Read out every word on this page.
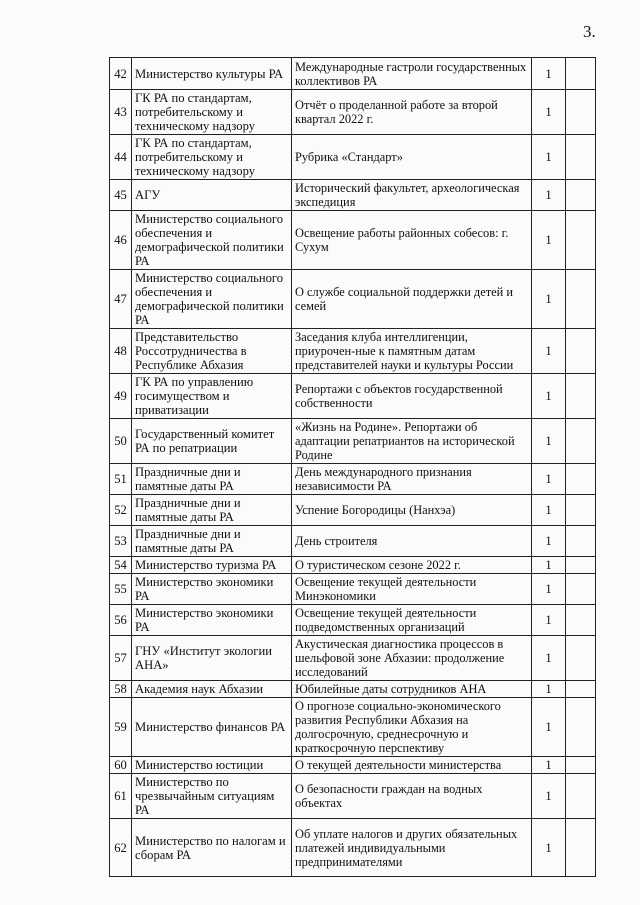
3.
42	Министерство культуры РА	Международные гастроли государственных коллективов РА	1	
43	ГК РА по стандартам, потребительскому и техническому надзору	Отчёт о проделанной работе за второй квартал 2022 г.	1	
44	ГК РА по стандартам, потребительскому и техническому надзору	Рубрика «Стандарт»	1	
45	АГУ	Исторический факультет, археологическая экспедиция	1	
46	Министерство социального обеспечения и демографической политики РА	Освещение работы районных собесов: г. Сухум	1	
47	Министерство социального обеспечения и демографической политики РА	О службе социальной поддержки детей и семей	1	
48	Представительство Россотрудничества в Республике Абхазия	Заседания клуба интеллигенции, приурочен-ные к памятным датам представителей науки и культуры России	1	
49	ГК РА по управлению госимуществом и приватизации	Репортажи с объектов государственной собственности	1	
50	Государственный комитет РА по репатриации	«Жизнь на Родине». Репортажи об адаптации репатриантов на исторической Родине	1	
51	Праздничные дни и памятные даты РА	День международного признания независимости РА	1	
52	Праздничные дни и памятные даты РА	Успение Богородицы (Нанхэа)	1	
53	Праздничные дни и памятные даты РА	День строителя	1	
54	Министерство туризма РА	О туристическом сезоне 2022 г.	1	
55	Министерство экономики РА	Освещение текущей деятельности Минэкономики	1	
56	Министерство экономики РА	Освещение текущей деятельности подведомственных организаций	1	
57	ГНУ «Институт экологии АНА»	Акустическая диагностика процессов в шельфовой зоне Абхазии: продолжение исследований	1	
58	Академия наук Абхазии	Юбилейные даты сотрудников АНА	1	
59	Министерство финансов РА	О прогнозе социально-экономического развития Республики Абхазия на долгосрочную, среднесрочную и краткосрочную перспективу	1	
60	Министерство юстиции	О текущей деятельности министерства	1	
61	Министерство по чрезвычайным ситуациям РА	О безопасности граждан на водных объектах	1	
62	Министерство по налогам и сборам РА	Об уплате налогов и других обязательных платежей индивидуальными предпринимателями	1	
